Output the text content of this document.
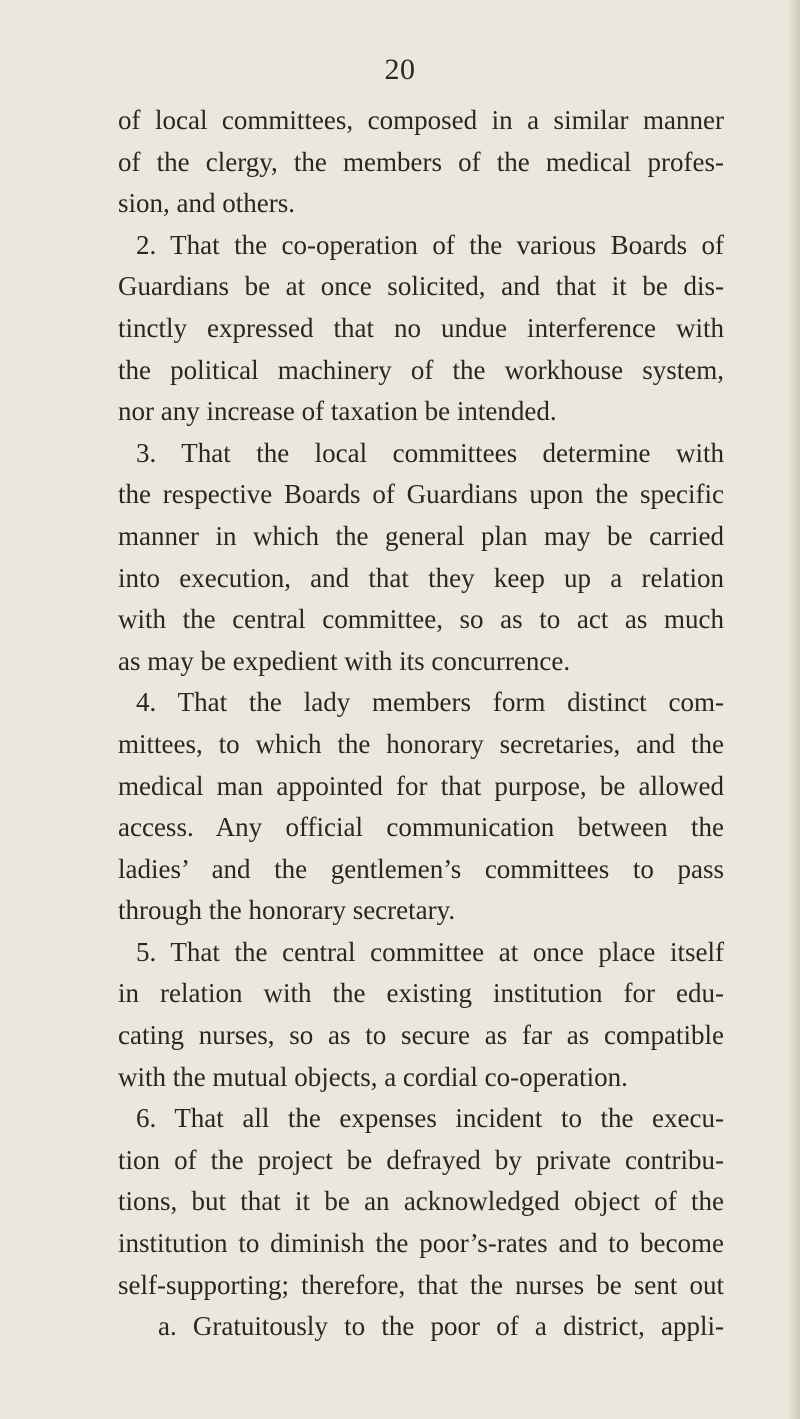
20
of local committees, composed in a similar manner
of the clergy, the members of the medical profes-
sion, and others.
2. That the co-operation of the various Boards of
Guardians be at once solicited, and that it be dis-
tinctly expressed that no undue interference with
the political machinery of the workhouse system,
nor any increase of taxation be intended.
3. That the local committees determine with
the respective Boards of Guardians upon the specific
manner in which the general plan may be carried
into execution, and that they keep up a relation
with the central committee, so as to act as much
as may be expedient with its concurrence.
4. That the lady members form distinct com-
mittees, to which the honorary secretaries, and the
medical man appointed for that purpose, be allowed
access. Any official communication between the
ladies’ and the gentlemen’s committees to pass
through the honorary secretary.
5. That the central committee at once place itself
in relation with the existing institution for edu-
cating nurses, so as to secure as far as compatible
with the mutual objects, a cordial co-operation.
6. That all the expenses incident to the execu-
tion of the project be defrayed by private contribu-
tions, but that it be an acknowledged object of the
institution to diminish the poor’s-rates and to become
self-supporting; therefore, that the nurses be sent out
a. Gratuitously to the poor of a district, appli-
